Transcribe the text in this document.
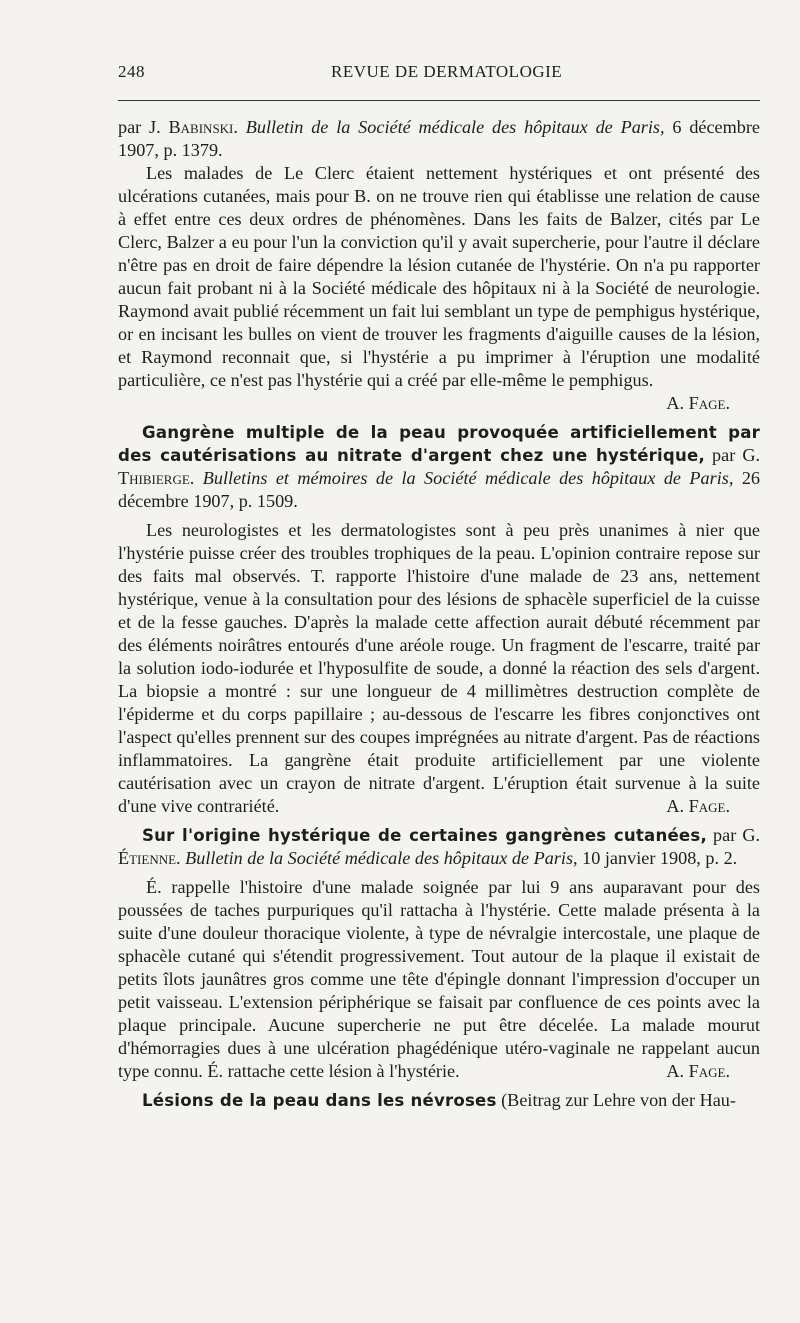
248	REVUE DE DERMATOLOGIE

par J. Babinski. Bulletin de la Société médicale des hôpitaux de Paris, 6 décembre 1907, p. 1379.

Les malades de Le Clerc étaient nettement hystériques et ont présenté des ulcérations cutanées, mais pour B. on ne trouve rien qui établisse une relation de cause à effet entre ces deux ordres de phénomènes. Dans les faits de Balzer, cités par Le Clerc, Balzer a eu pour l'un la conviction qu'il y avait supercherie, pour l'autre il déclare n'être pas en droit de faire dépendre la lésion cutanée de l'hystérie. On n'a pu rapporter aucun fait probant ni à la Société médicale des hôpitaux ni à la Société de neurologie. Raymond avait publié récemment un fait lui semblant un type de pemphigus hystérique, or en incisant les bulles on vient de trouver les fragments d'aiguille causes de la lésion, et Raymond reconnait que, si l'hystérie a pu imprimer à l'éruption une modalité particulière, ce n'est pas l'hystérie qui a créé par elle-même le pemphigus.
A. Fage.

Gangrène multiple de la peau provoquée artificiellement par des cautérisations au nitrate d'argent chez une hystérique, par G. Thibierge. Bulletins et mémoires de la Société médicale des hôpitaux de Paris, 26 décembre 1907, p. 1509.

Les neurologistes et les dermatologistes sont à peu près unanimes à nier que l'hystérie puisse créer des troubles trophiques de la peau. L'opinion contraire repose sur des faits mal observés. T. rapporte l'histoire d'une malade de 23 ans, nettement hystérique, venue à la consultation pour des lésions de sphacèle superficiel de la cuisse et de la fesse gauches. D'après la malade cette affection aurait débuté récemment par des éléments noirâtres entourés d'une aréole rouge. Un fragment de l'escarre, traité par la solution iodo-iodurée et l'hyposulfite de soude, a donné la réaction des sels d'argent. La biopsie a montré : sur une longueur de 4 millimètres destruction complète de l'épiderme et du corps papillaire ; au-dessous de l'escarre les fibres conjonctives ont l'aspect qu'elles prennent sur des coupes imprégnées au nitrate d'argent. Pas de réactions inflammatoires. La gangrène était produite artificiellement par une violente cautérisation avec un crayon de nitrate d'argent. L'éruption était survenue à la suite d'une vive contrariété.	A. Fage.

Sur l'origine hystérique de certaines gangrènes cutanées, par G. Étienne. Bulletin de la Société médicale des hôpitaux de Paris, 10 janvier 1908, p. 2.

É. rappelle l'histoire d'une malade soignée par lui 9 ans auparavant pour des poussées de taches purpuriques qu'il rattacha à l'hystérie. Cette malade présenta à la suite d'une douleur thoracique violente, à type de névralgie intercostale, une plaque de sphacèle cutané qui s'étendit progressivement. Tout autour de la plaque il existait de petits îlots jaunâtres gros comme une tête d'épingle donnant l'impression d'occuper un petit vaisseau. L'extension périphérique se faisait par confluence de ces points avec la plaque principale. Aucune supercherie ne put être décelée. La malade mourut d'hémorragies dues à une ulcération phagédénique utéro-vaginale ne rappelant aucun type connu. É. rattache cette lésion à l'hystérie.	A. Fage.

Lésions de la peau dans les névroses (Beitrag zur Lehre von der Hau-
